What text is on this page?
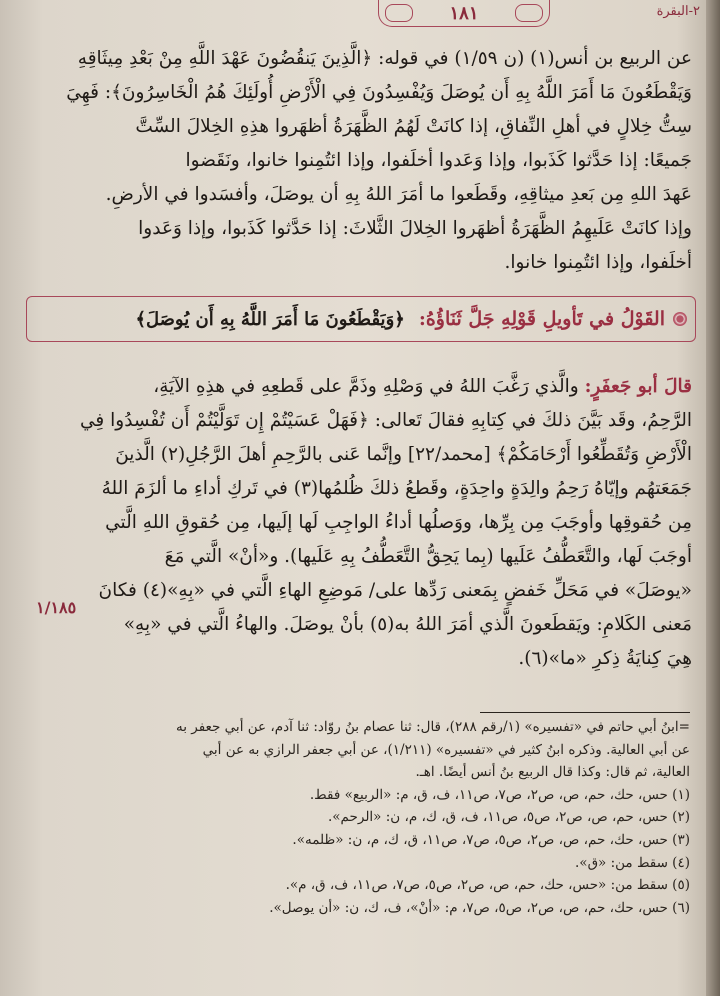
١٨١	٢-البقرة
عن الربيع بن أنس(١) (ن ١/٥٩) في قوله: ﴿الَّذِينَ يَنقُضُونَ عَهْدَ اللَّهِ مِنْ بَعْدِ مِيثَاقِهِ
وَيَقْطَعُونَ مَا أَمَرَ اللَّهُ بِهِ أَن يُوصَلَ وَيُفْسِدُونَ فِي الْأَرْضِ أُولَئِكَ هُمُ الْخَاسِرُونَ﴾: فَهِيَ
سِتُّ خِلالٍ في أهلِ النِّفاقِ، إذا كانَتْ لَهُمُ الظَّهَرَةُ أظهَروا هذِهِ الخِلالَ السِّتَّ
جَميعًا: إذا حَدَّثوا كَذَبوا، وإذا وَعَدوا أخلَفوا، وإذا ائتُمِنوا خانوا، ونَقَضوا
عَهدَ اللهِ مِن بَعدِ ميثاقِهِ، وقَطَعوا ما أمَرَ اللهُ بِهِ أن يوصَلَ، وأفسَدوا في الأرضِ.
وإذا كانَتْ عَلَيهِمُ الظَّهَرَةُ أظهَروا الخِلالَ الثَّلاثَ: إذا حَدَّثوا كَذَبوا، وإذا وَعَدوا
أخلَفوا، وإذا ائتُمِنوا خانوا.
القَوْلُ في تَأويلِ قَوْلِهِ جَلَّ ثَنَاؤُهُ:
﴿وَيَقْطَعُونَ مَا أَمَرَ اللَّهُ بِهِ أَن يُوصَلَ﴾
قالَ أبو جَعفَرٍ: والَّذي رَغَّبَ اللهُ في وَصْلِهِ وذَمَّ على قَطعِهِ في هذِهِ الآيَةِ،
الرَّحِمُ، وقَد بَيَّنَ ذلكَ في كِتابِهِ فقالَ تَعالى: ﴿فَهَلْ عَسَيْتُمْ إِن تَوَلَّيْتُمْ أَن تُفْسِدُوا فِي
الْأَرْضِ وَتُقَطِّعُوا أَرْحَامَكُمْ﴾ [محمد/٢٢] وإنَّما عَنى بالرَّحِمِ أهلَ الرَّجُلِ(٢) الَّذينَ
جَمَعَتهُم وإيّاهُ رَحِمُ والِدَةٍ واحِدَةٍ، وقَطعُ ذلكَ ظُلمُها(٣) في تَركِ أداءِ ما ألزَمَ اللهُ
مِن حُقوقِها وأوجَبَ مِن بِرِّها، ووَصلُها أداءُ الواجِبِ لَها إلَيها، مِن حُقوقِ اللهِ الَّتي
أوجَبَ لَها، والتَّعَطُّفُ عَلَيها (بِما يَحِقُّ التَّعَطُّفُ بِهِ عَلَيها). و«أنْ» الَّتي مَعَ
«يوصَلَ» في مَحَلِّ خَفضٍ بِمَعنى رَدِّها على/ مَوضِعِ الهاءِ الَّتي في «بِهِ»(٤) فكانَ
مَعنى الكَلامِ: ويَقطَعونَ الَّذي أمَرَ اللهُ به(٥) بأنْ يوصَلَ. والهاءُ الَّتي في «بِهِ»
هِيَ كِنايَةُ ذِكرِ «ما»(٦).
١/١٨٥
=ابنُ أبي حاتم في «تفسيره» (١/رقم ٢٨٨)، قال: ثنا عصام بنُ روّاد: ثنا آدم، عن أبي جعفر به
عن أبي العالية. وذكره ابنُ كثير في «تفسيره» (١/٢١١)، عن أبي جعفر الرازي به عن أبي
العالية، ثم قال: وكذا قال الربيع بنُ أنس أيضًا. اهـ.
(١) حس، حك، حم، ص، ص٢، ص٧، ص١١، ف، ق، م: «الربيع» فقط.
(٢) حس، حم، ص، ص٢، ص٥، ص١١، ف، ق، ك، م، ن: «الرحم».
(٣) حس، حك، حم، ص، ص٢، ص٥، ص٧، ص١١، ق، ك، م، ن: «ظلمه».
(٤) سقط من: «ق».
(٥) سقط من: «حس، حك، حم، ص، ص٢، ص٥، ص٧، ص١١، ف، ق، م».
(٦) حس، حك، حم، ص، ص٢، ص٥، ص٧، م: «أنْ»، ف، ك، ن: «أن يوصل».
